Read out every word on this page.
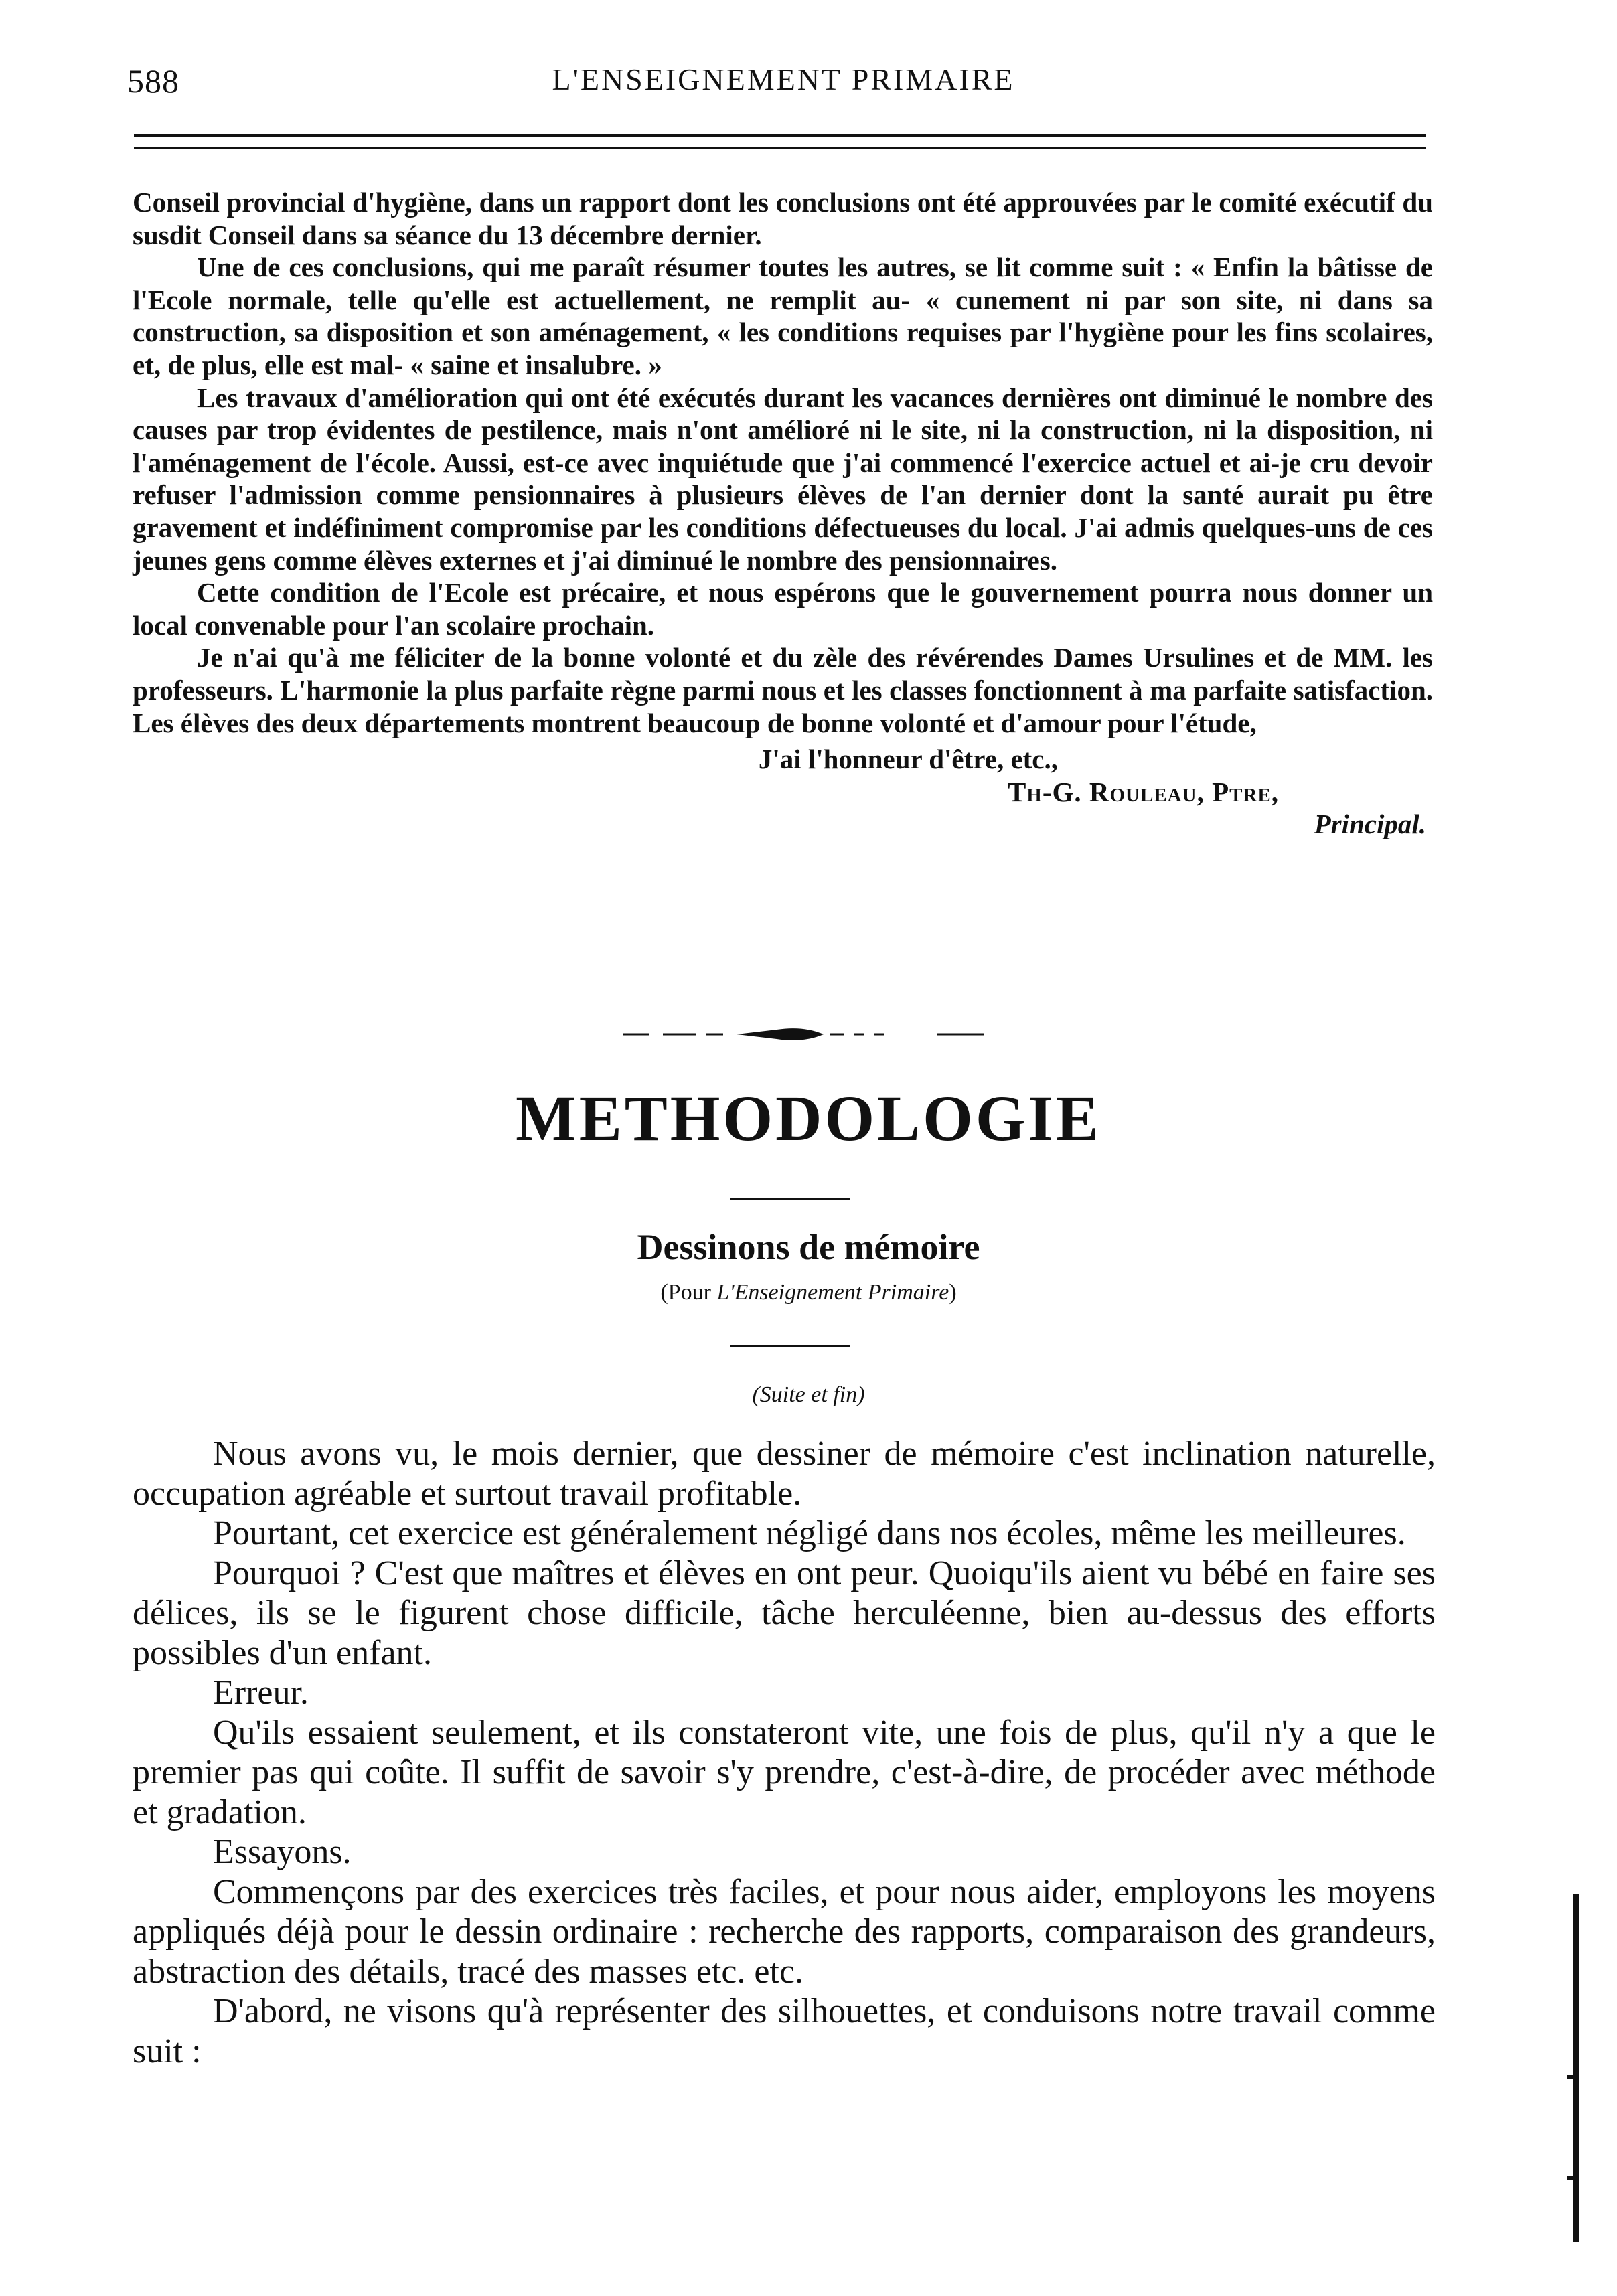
588	L'ENSEIGNEMENT PRIMAIRE

Conseil provincial d'hygiène, dans un rapport dont les conclusions ont été approuvées par le comité exécutif du susdit Conseil dans sa séance du 13 décembre dernier.

Une de ces conclusions, qui me paraît résumer toutes les autres, se lit comme suit : « Enfin la bâtisse de l'Ecole normale, telle qu'elle est actuellement, ne remplit au- « cunement ni par son site, ni dans sa construction, sa disposition et son aménagement, « les conditions requises par l'hygiène pour les fins scolaires, et, de plus, elle est mal- « saine et insalubre. »

Les travaux d'amélioration qui ont été exécutés durant les vacances dernières ont diminué le nombre des causes par trop évidentes de pestilence, mais n'ont amélioré ni le site, ni la construction, ni la disposition, ni l'aménagement de l'école. Aussi, est-ce avec inquiétude que j'ai commencé l'exercice actuel et ai-je cru devoir refuser l'admission comme pensionnaires à plusieurs élèves de l'an dernier dont la santé aurait pu être gravement et indéfiniment compromise par les conditions défectueuses du local. J'ai admis quelques-uns de ces jeunes gens comme élèves externes et j'ai diminué le nombre des pensionnaires.

Cette condition de l'Ecole est précaire, et nous espérons que le gouvernement pourra nous donner un local convenable pour l'an scolaire prochain.

Je n'ai qu'à me féliciter de la bonne volonté et du zèle des révérendes Dames Ursulines et de MM. les professeurs. L'harmonie la plus parfaite règne parmi nous et les classes fonctionnent à ma parfaite satisfaction. Les élèves des deux départements montrent beaucoup de bonne volonté et d'amour pour l'étude,

J'ai l'honneur d'être, etc.,

Th-G. Rouleau, Ptre,

Principal.

METHODOLOGIE
Dessinons de mémoire
(Pour L'Enseignement Primaire)
(Suite et fin)

Nous avons vu, le mois dernier, que dessiner de mémoire c'est inclination naturelle, occupation agréable et surtout travail profitable.

Pourtant, cet exercice est généralement négligé dans nos écoles, même les meilleures.

Pourquoi ? C'est que maîtres et élèves en ont peur. Quoiqu'ils aient vu bébé en faire ses délices, ils se le figurent chose difficile, tâche herculéenne, bien au-dessus des efforts possibles d'un enfant.

Erreur.

Qu'ils essaient seulement, et ils constateront vite, une fois de plus, qu'il n'y a que le premier pas qui coûte. Il suffit de savoir s'y prendre, c'est-à-dire, de procéder avec méthode et gradation.

Essayons.

Commençons par des exercices très faciles, et pour nous aider, employons les moyens appliqués déjà pour le dessin ordinaire : recherche des rapports, comparaison des grandeurs, abstraction des détails, tracé des masses etc. etc.

D'abord, ne visons qu'à représenter des silhouettes, et conduisons notre travail comme suit :
